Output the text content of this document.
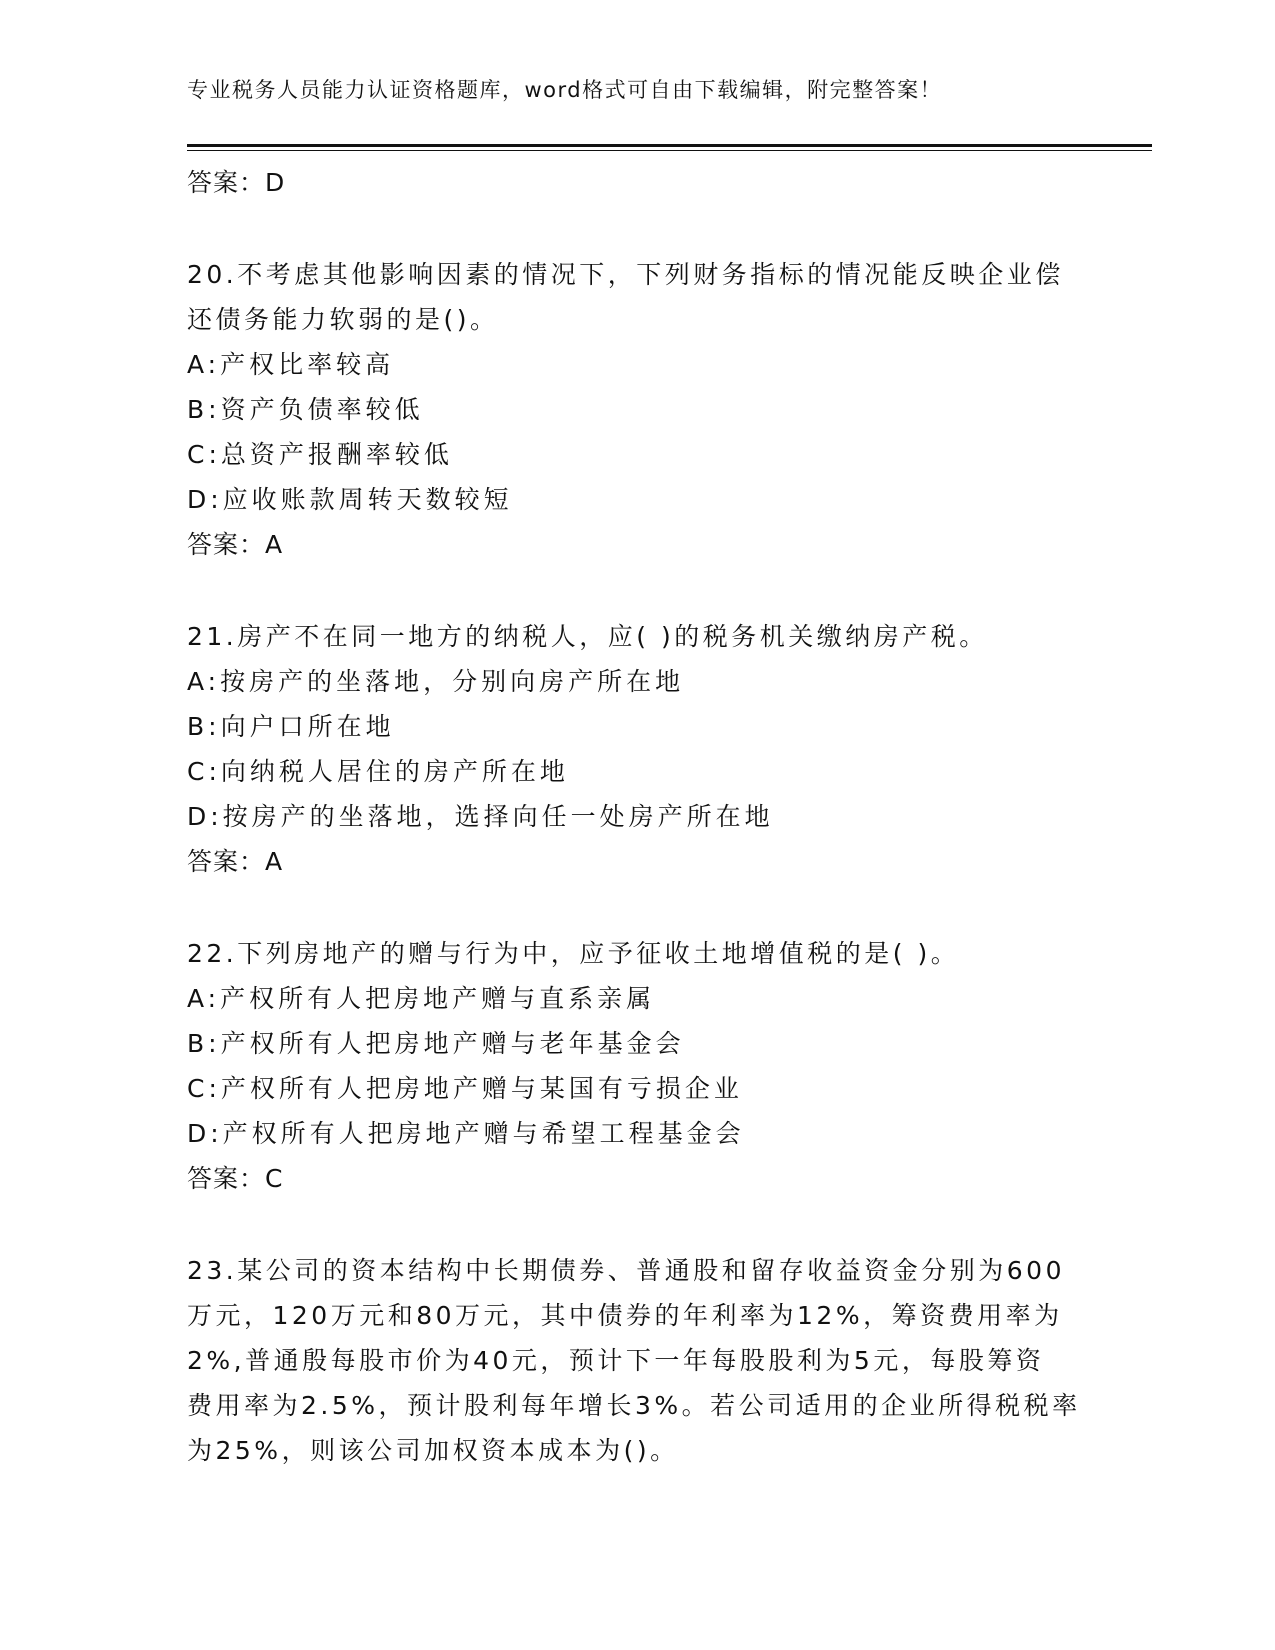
专业税务人员能力认证资格题库，word格式可自由下载编辑，附完整答案！
答案：D
20.不考虑其他影响因素的情况下，下列财务指标的情况能反映企业偿
还债务能力软弱的是()。
A:产权比率较高
B:资产负债率较低
C:总资产报酬率较低
D:应收账款周转天数较短
答案：A
21.房产不在同一地方的纳税人，应( )的税务机关缴纳房产税。
A:按房产的坐落地，分别向房产所在地
B:向户口所在地
C:向纳税人居住的房产所在地
D:按房产的坐落地，选择向任一处房产所在地
答案：A
22.下列房地产的赠与行为中，应予征收土地增值税的是( )。
A:产权所有人把房地产赠与直系亲属
B:产权所有人把房地产赠与老年基金会
C:产权所有人把房地产赠与某国有亏损企业
D:产权所有人把房地产赠与希望工程基金会
答案：C
23.某公司的资本结构中长期债券、普通股和留存收益资金分别为600
万元，120万元和80万元，其中债券的年利率为12%，筹资费用率为
2%,普通殷每股市价为40元，预计下一年每股股利为5元，每股筹资
费用率为2.5%，预计股利每年增长3%。若公司适用的企业所得税税率
为25%，则该公司加权资本成本为()。
